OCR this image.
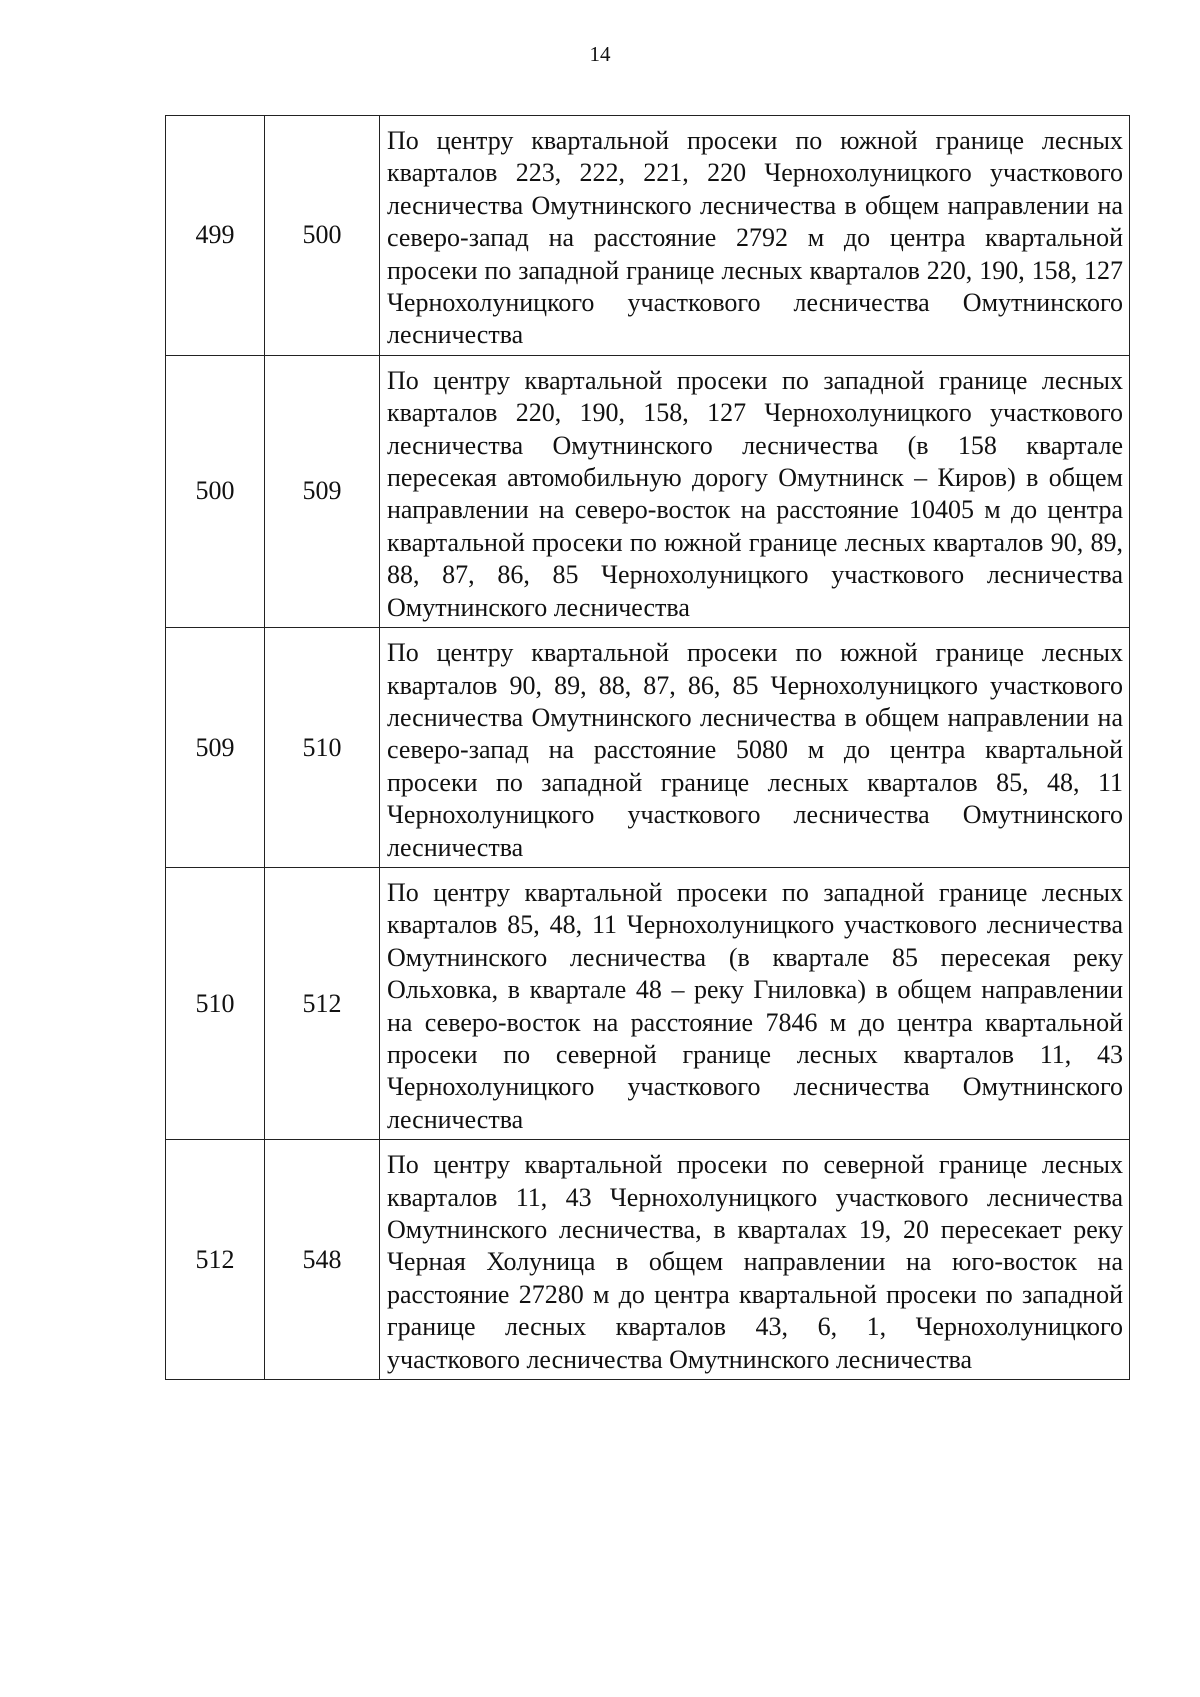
14
499	500	По центру квартальной просеки по южной границе лесных кварталов 223, 222, 221, 220 Чернохолуницкого участкового лесничества Омутнинского лесничества в общем направлении на северо-запад на расстояние 2792 м до центра квартальной просеки по западной границе лесных кварталов 220, 190, 158, 127 Чернохолуницкого участкового лесничества Омутнинского лесничества
500	509	По центру квартальной просеки по западной границе лесных кварталов 220, 190, 158, 127 Чернохолуницкого участкового лесничества Омутнинского лесничества (в 158 квартале пересекая автомобильную дорогу Омутнинск – Киров) в общем направлении на северо-восток на расстояние 10405 м до центра квартальной просеки по южной границе лесных кварталов 90, 89, 88, 87, 86, 85 Чернохолуницкого участкового лесничества Омутнинского лесничества
509	510	По центру квартальной просеки по южной границе лесных кварталов 90, 89, 88, 87, 86, 85 Чернохолуницкого участкового лесничества Омутнинского лесничества в общем направлении на северо-запад на расстояние 5080 м до центра квартальной просеки по западной границе лесных кварталов 85, 48, 11 Чернохолуницкого участкового лесничества Омутнинского лесничества
510	512	По центру квартальной просеки по западной границе лесных кварталов 85, 48, 11 Чернохолуницкого участкового лесничества Омутнинского лесничества (в квартале 85 пересекая реку Ольховка, в квартале 48 – реку Гниловка) в общем направлении на северо-восток на расстояние 7846 м до центра квартальной просеки по северной границе лесных кварталов 11, 43 Чернохолуницкого участкового лесничества Омутнинского лесничества
512	548	По центру квартальной просеки по северной границе лесных кварталов 11, 43 Чернохолуницкого участкового лесничества Омутнинского лесничества, в кварталах 19, 20 пересекает реку Черная Холуница в общем направлении на юго-восток на расстояние 27280 м до центра квартальной просеки по западной границе лесных кварталов 43, 6, 1, Чернохолуницкого участкового лесничества Омутнинского лесничества
